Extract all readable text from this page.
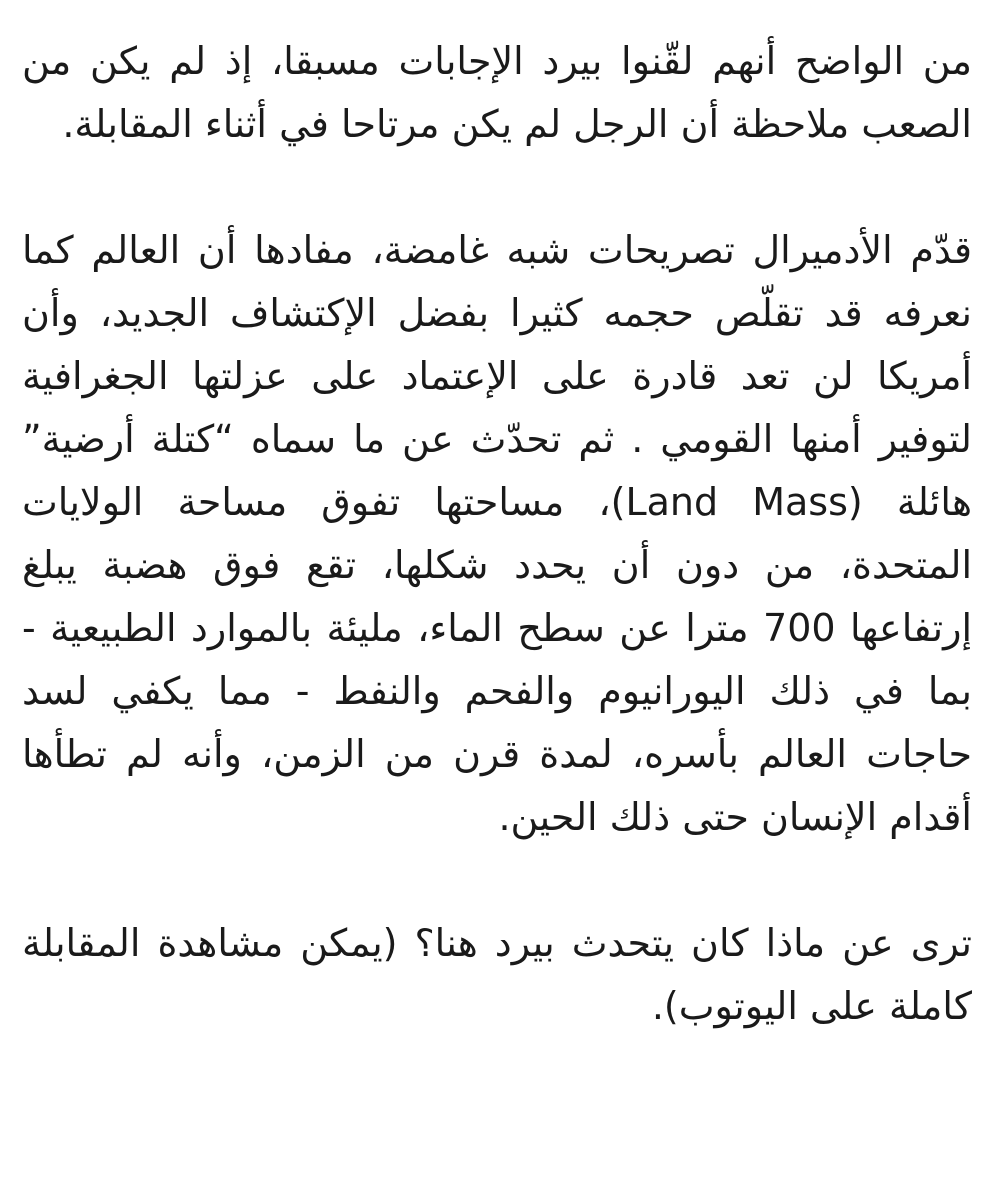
من الواضح أنهم لقّنوا بيرد الإجابات مسبقا، إذ لم يكن من الصعب ملاحظة أن الرجل لم يكن مرتاحا في أثناء المقابلة.

قدّم الأدميرال تصريحات شبه غامضة، مفادها أن العالم كما نعرفه قد تقلّص حجمه كثيرا بفضل الإكتشاف الجديد، وأن أمريكا لن تعد قادرة على الإعتماد على عزلتها الجغرافية لتوفير أمنها القومي . ثم تحدّث عن ما سماه “كتلة أرضية” هائلة (Land Mass)، مساحتها تفوق مساحة الولايات المتحدة، من دون أن يحدد شكلها، تقع فوق هضبة يبلغ إرتفاعها 700 مترا عن سطح الماء، مليئة بالموارد الطبيعية - بما في ذلك اليورانيوم والفحم والنفط - مما يكفي لسد حاجات العالم بأسره، لمدة قرن من الزمن، وأنه لم تطأها أقدام الإنسان حتى ذلك الحين.

ترى عن ماذا كان يتحدث بيرد هنا؟ (يمكن مشاهدة المقابلة كاملة على اليوتوب).
